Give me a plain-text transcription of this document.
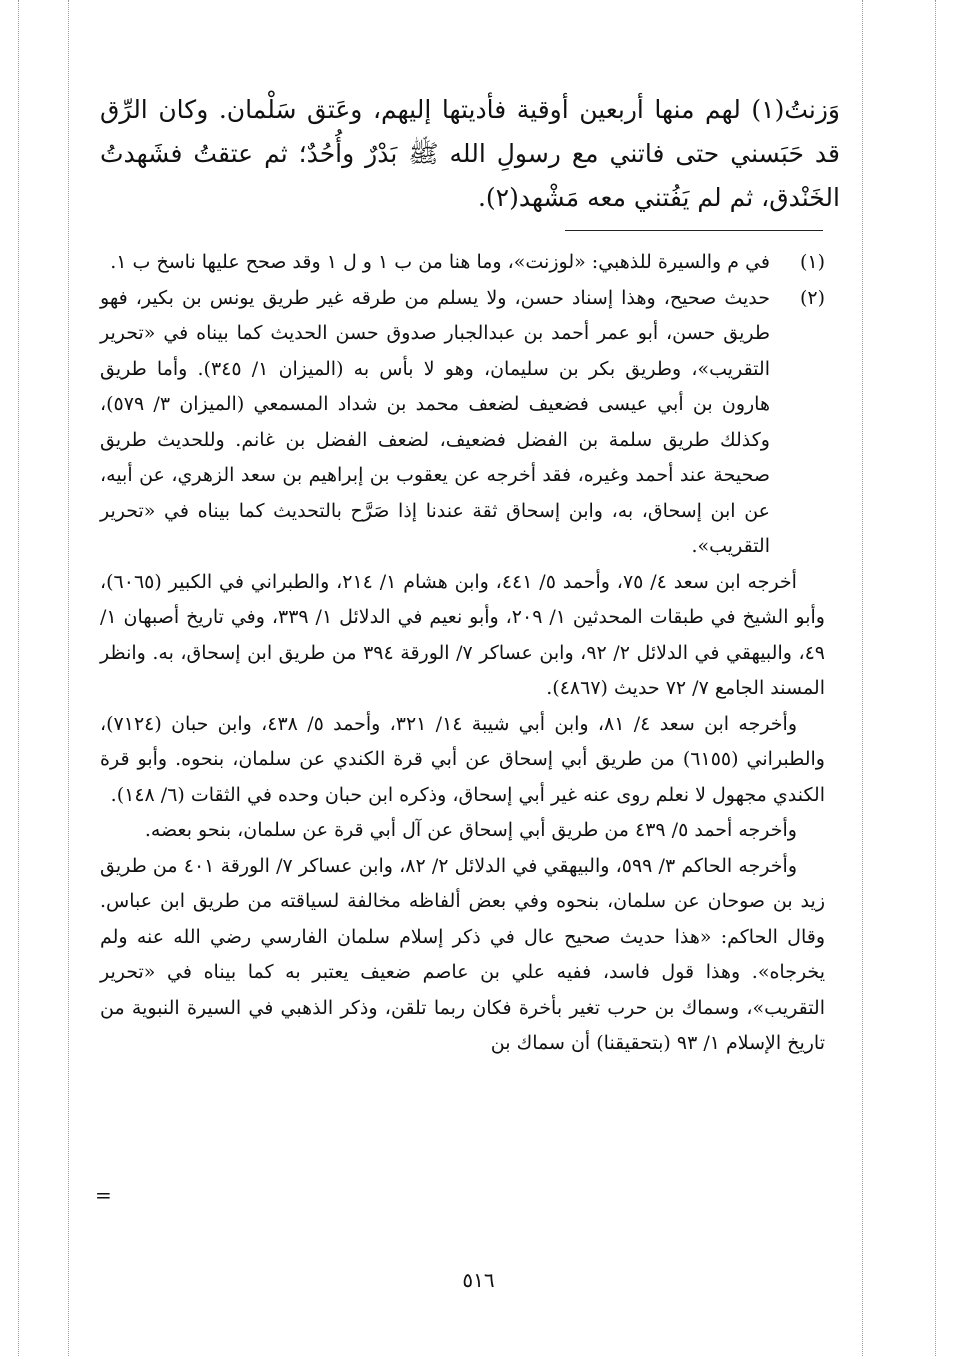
وَزنتُ(١) لهم منها أربعين أوقية فأديتها إليهم، وعَتق سَلْمان. وكان الرِّق قد حَبَسني حتى فاتني مع رسولِ الله ﷺ بَدْرٌ وأُحُدٌ؛ ثم عتقتُ فشَهدتُ الخَنْدق، ثم لم يَفُتني معه مَشْهد(٢).

(١)

في م والسيرة للذهبي: «لوزنت»، وما هنا من ب ١ و ل ١ وقد صحح عليها ناسخ ب ١.

(٢)

حديث صحيح، وهذا إسناد حسن، ولا يسلم من طرقه غير طريق يونس بن بكير، فهو طريق حسن، أبو عمر أحمد بن عبدالجبار صدوق حسن الحديث كما بيناه في «تحرير التقريب»، وطريق بكر بن سليمان، وهو لا بأس به (الميزان ١/ ٣٤٥). وأما طريق هارون بن أبي عيسى فضعيف لضعف محمد بن شداد المسمعي (الميزان ٣/ ٥٧٩)، وكذلك طريق سلمة بن الفضل فضعيف، لضعف الفضل بن غانم. وللحديث طريق صحيحة عند أحمد وغيره، فقد أخرجه عن يعقوب بن إبراهيم بن سعد الزهري، عن أبيه، عن ابن إسحاق، به، وابن إسحاق ثقة عندنا إذا صَرَّح بالتحديث كما بيناه في «تحرير التقريب».

أخرجه ابن سعد ٤/ ٧٥، وأحمد ٥/ ٤٤١، وابن هشام ١/ ٢١٤، والطبراني في الكبير (٦٠٦٥)، وأبو الشيخ في طبقات المحدثين ١/ ٢٠٩، وأبو نعيم في الدلائل ١/ ٣٣٩، وفي تاريخ أصبهان ١/ ٤٩، والبيهقي في الدلائل ٢/ ٩٢، وابن عساكر ٧/ الورقة ٣٩٤ من طريق ابن إسحاق، به. وانظر المسند الجامع ٧/ ٧٢ حديث (٤٨٦٧).

وأخرجه ابن سعد ٤/ ٨١، وابن أبي شيبة ١٤/ ٣٢١، وأحمد ٥/ ٤٣٨، وابن حبان (٧١٢٤)، والطبراني (٦١٥٥) من طريق أبي إسحاق عن أبي قرة الكندي عن سلمان، بنحوه. وأبو قرة الكندي مجهول لا نعلم روى عنه غير أبي إسحاق، وذكره ابن حبان وحده في الثقات (٦/ ١٤٨).

وأخرجه أحمد ٥/ ٤٣٩ من طريق أبي إسحاق عن آل أبي قرة عن سلمان، بنحو بعضه.

وأخرجه الحاكم ٣/ ٥٩٩، والبيهقي في الدلائل ٢/ ٨٢، وابن عساكر ٧/ الورقة ٤٠١ من طريق زيد بن صوحان عن سلمان، بنحوه وفي بعض ألفاظه مخالفة لسياقته من طريق ابن عباس. وقال الحاكم: «هذا حديث صحيح عال في ذكر إسلام سلمان الفارسي رضي الله عنه ولم يخرجاه». وهذا قول فاسد، ففيه علي بن عاصم ضعيف يعتبر به كما بيناه في «تحرير التقريب»، وسماك بن حرب تغير بأخرة فكان ربما تلقن، وذكر الذهبي في السيرة النبوية من تاريخ الإسلام ١/ ٩٣ (بتحقيقنا) أن سماك بن

=
٥١٦
